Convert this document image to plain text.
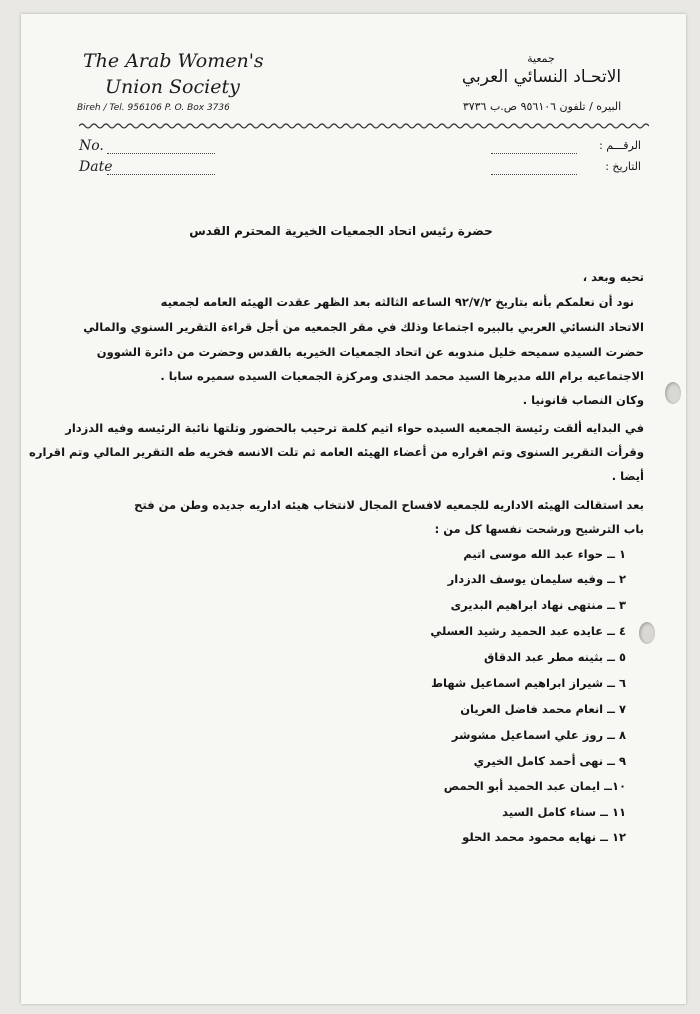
The Arab Women's
Union Society
Bireh / Tel. 956106 P. O. Box 3736
جمعية
الاتحـاد النسائي العربي
البيره / تلفون ٩٥٦١٠٦ ص.ب ٣٧٣٦
No.
Date
الرقـــم :
التاريخ :
حضرة رئيس اتحاد الجمعيات الخيرية المحترم القدس
تحيه وبعد ،
نود أن نعلمكم بأنه بتاريخ ٩٢/٧/٢ الساعه الثالثه بعد الظهر عقدت الهيئه العامه لجمعيه
الاتحاد النسائي العربي بالبيره اجتماعا وذلك في مقر الجمعيه من أجل قراءة التقرير السنوي والمالي
حضرت السيده سميحه خليل مندوبه عن اتحاد الجمعيات الخيريه بالقدس وحضرت من دائرة الشوون
الاجتماعيه برام الله مديرها السيد محمد الجندى ومركزة الجمعيات السيده سميره سابا .
وكان النصاب قانونيا .
في البدايه ألقت رئيسة الجمعيه السيده حواء اتيم كلمة ترحيب بالحضور وتلتها نائبة الرئيسه وفيه الدزدار
وقرأت التقرير السنوى وتم اقراره من أعضاء الهيئه العامه ثم تلت الانسه فخريه طه التقرير المالي وتم اقراره
أيضا .
بعد استقالت الهيئه الاداريه للجمعيه لافساح المجال لانتخاب هيئه اداريه جديده وطن من فتح
باب الترشيح ورشحت نفسها كل من :
١ ــ حواء عبد الله موسى اتيم
٢ ــ وفيه سليمان يوسف الدزدار
٣ ــ منتهى نهاد ابراهيم البديرى
٤ ــ عايده عبد الحميد رشيد العسلي
٥ ــ بثينه مطر عبد الدقاق
٦ ــ شيراز ابراهيم اسماعيل شهاط
٧ ــ انعام محمد فاضل العريان
٨ ــ روز علي اسماعيل مشوشر
٩ ــ نهى أحمد كامل الخيري
١٠ــ ايمان عبد الحميد أبو الحمص
١١ ــ سناء كامل السيد
١٢ ــ نهايه محمود محمد الحلو
